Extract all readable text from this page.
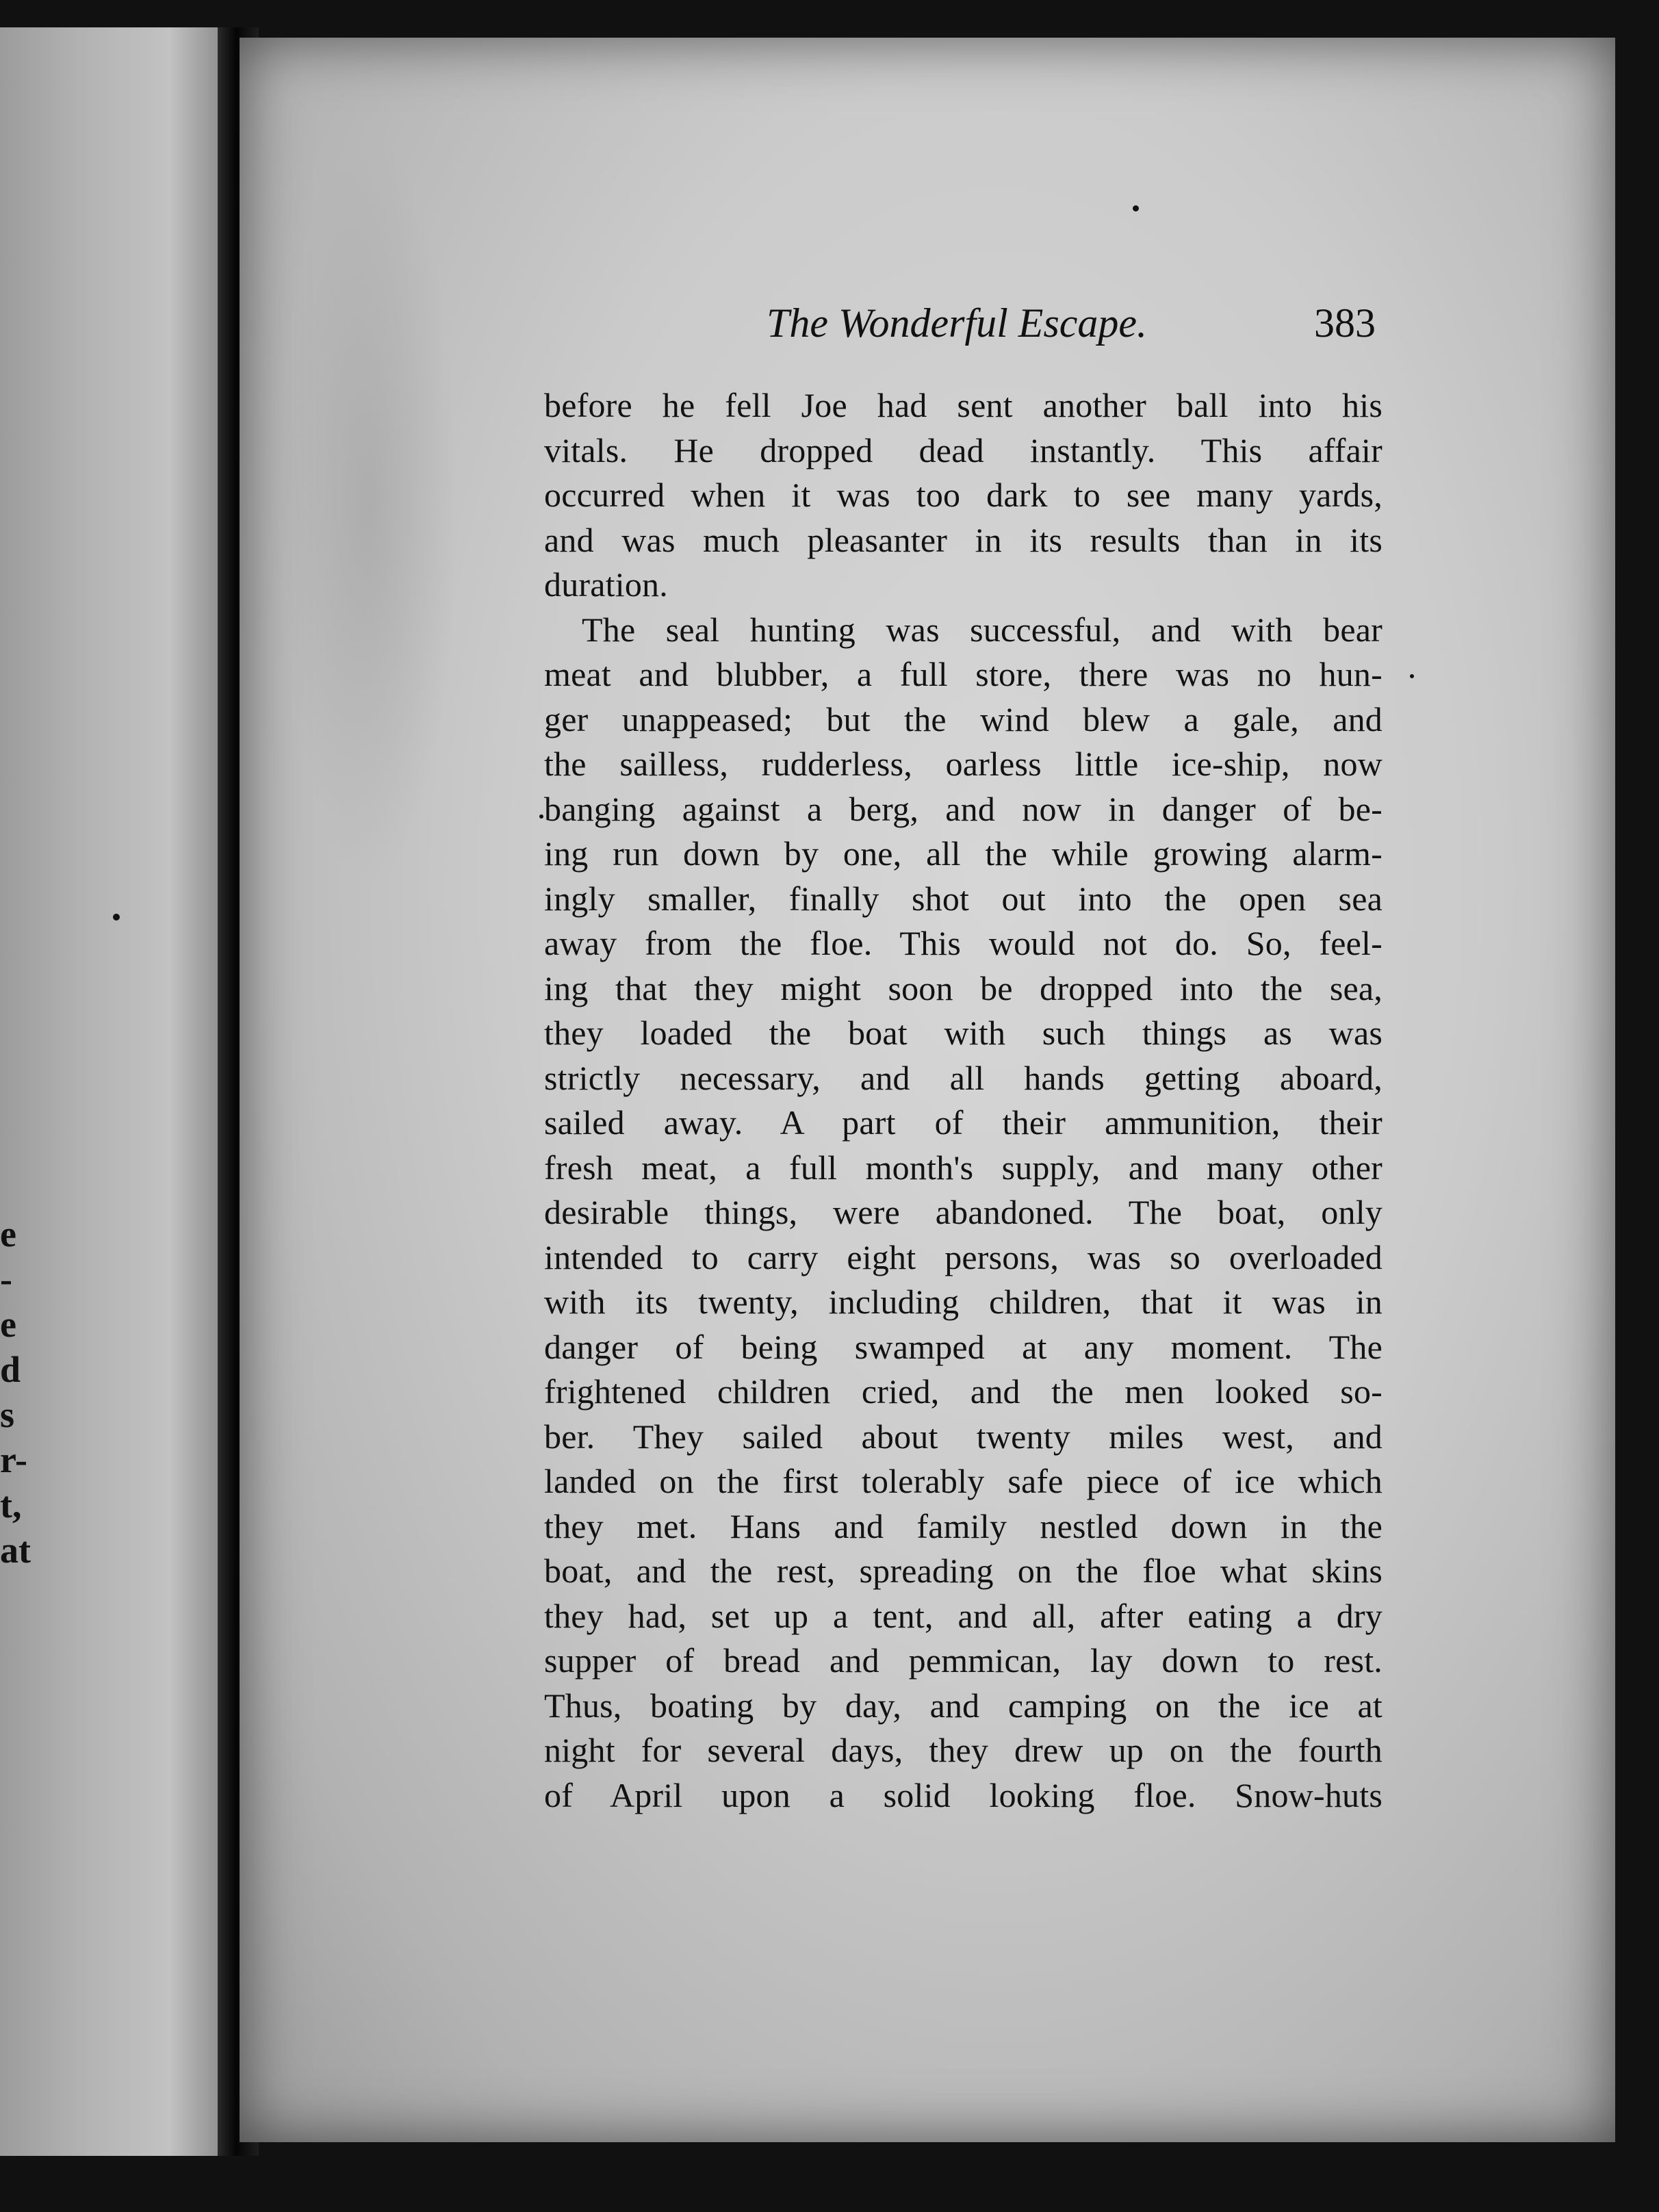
e
-
e
d
s
r-
t,
at
The Wonderful Escape.	383
before he fell Joe had sent another ball into his
vitals. He dropped dead instantly. This affair
occurred when it was too dark to see many yards,
and was much pleasanter in its results than in its
duration.
The seal hunting was successful, and with bear
meat and blubber, a full store, there was no hun-
ger unappeased; but the wind blew a gale, and
the sailless, rudderless, oarless little ice-ship, now
banging against a berg, and now in danger of be-
ing run down by one, all the while growing alarm-
ingly smaller, finally shot out into the open sea
away from the floe. This would not do. So, feel-
ing that they might soon be dropped into the sea,
they loaded the boat with such things as was
strictly necessary, and all hands getting aboard,
sailed away. A part of their ammunition, their
fresh meat, a full month's supply, and many other
desirable things, were abandoned. The boat, only
intended to carry eight persons, was so overloaded
with its twenty, including children, that it was in
danger of being swamped at any moment. The
frightened children cried, and the men looked so-
ber. They sailed about twenty miles west, and
landed on the first tolerably safe piece of ice which
they met. Hans and family nestled down in the
boat, and the rest, spreading on the floe what skins
they had, set up a tent, and all, after eating a dry
supper of bread and pemmican, lay down to rest.
Thus, boating by day, and camping on the ice at
night for several days, they drew up on the fourth
of April upon a solid looking floe. Snow-huts
